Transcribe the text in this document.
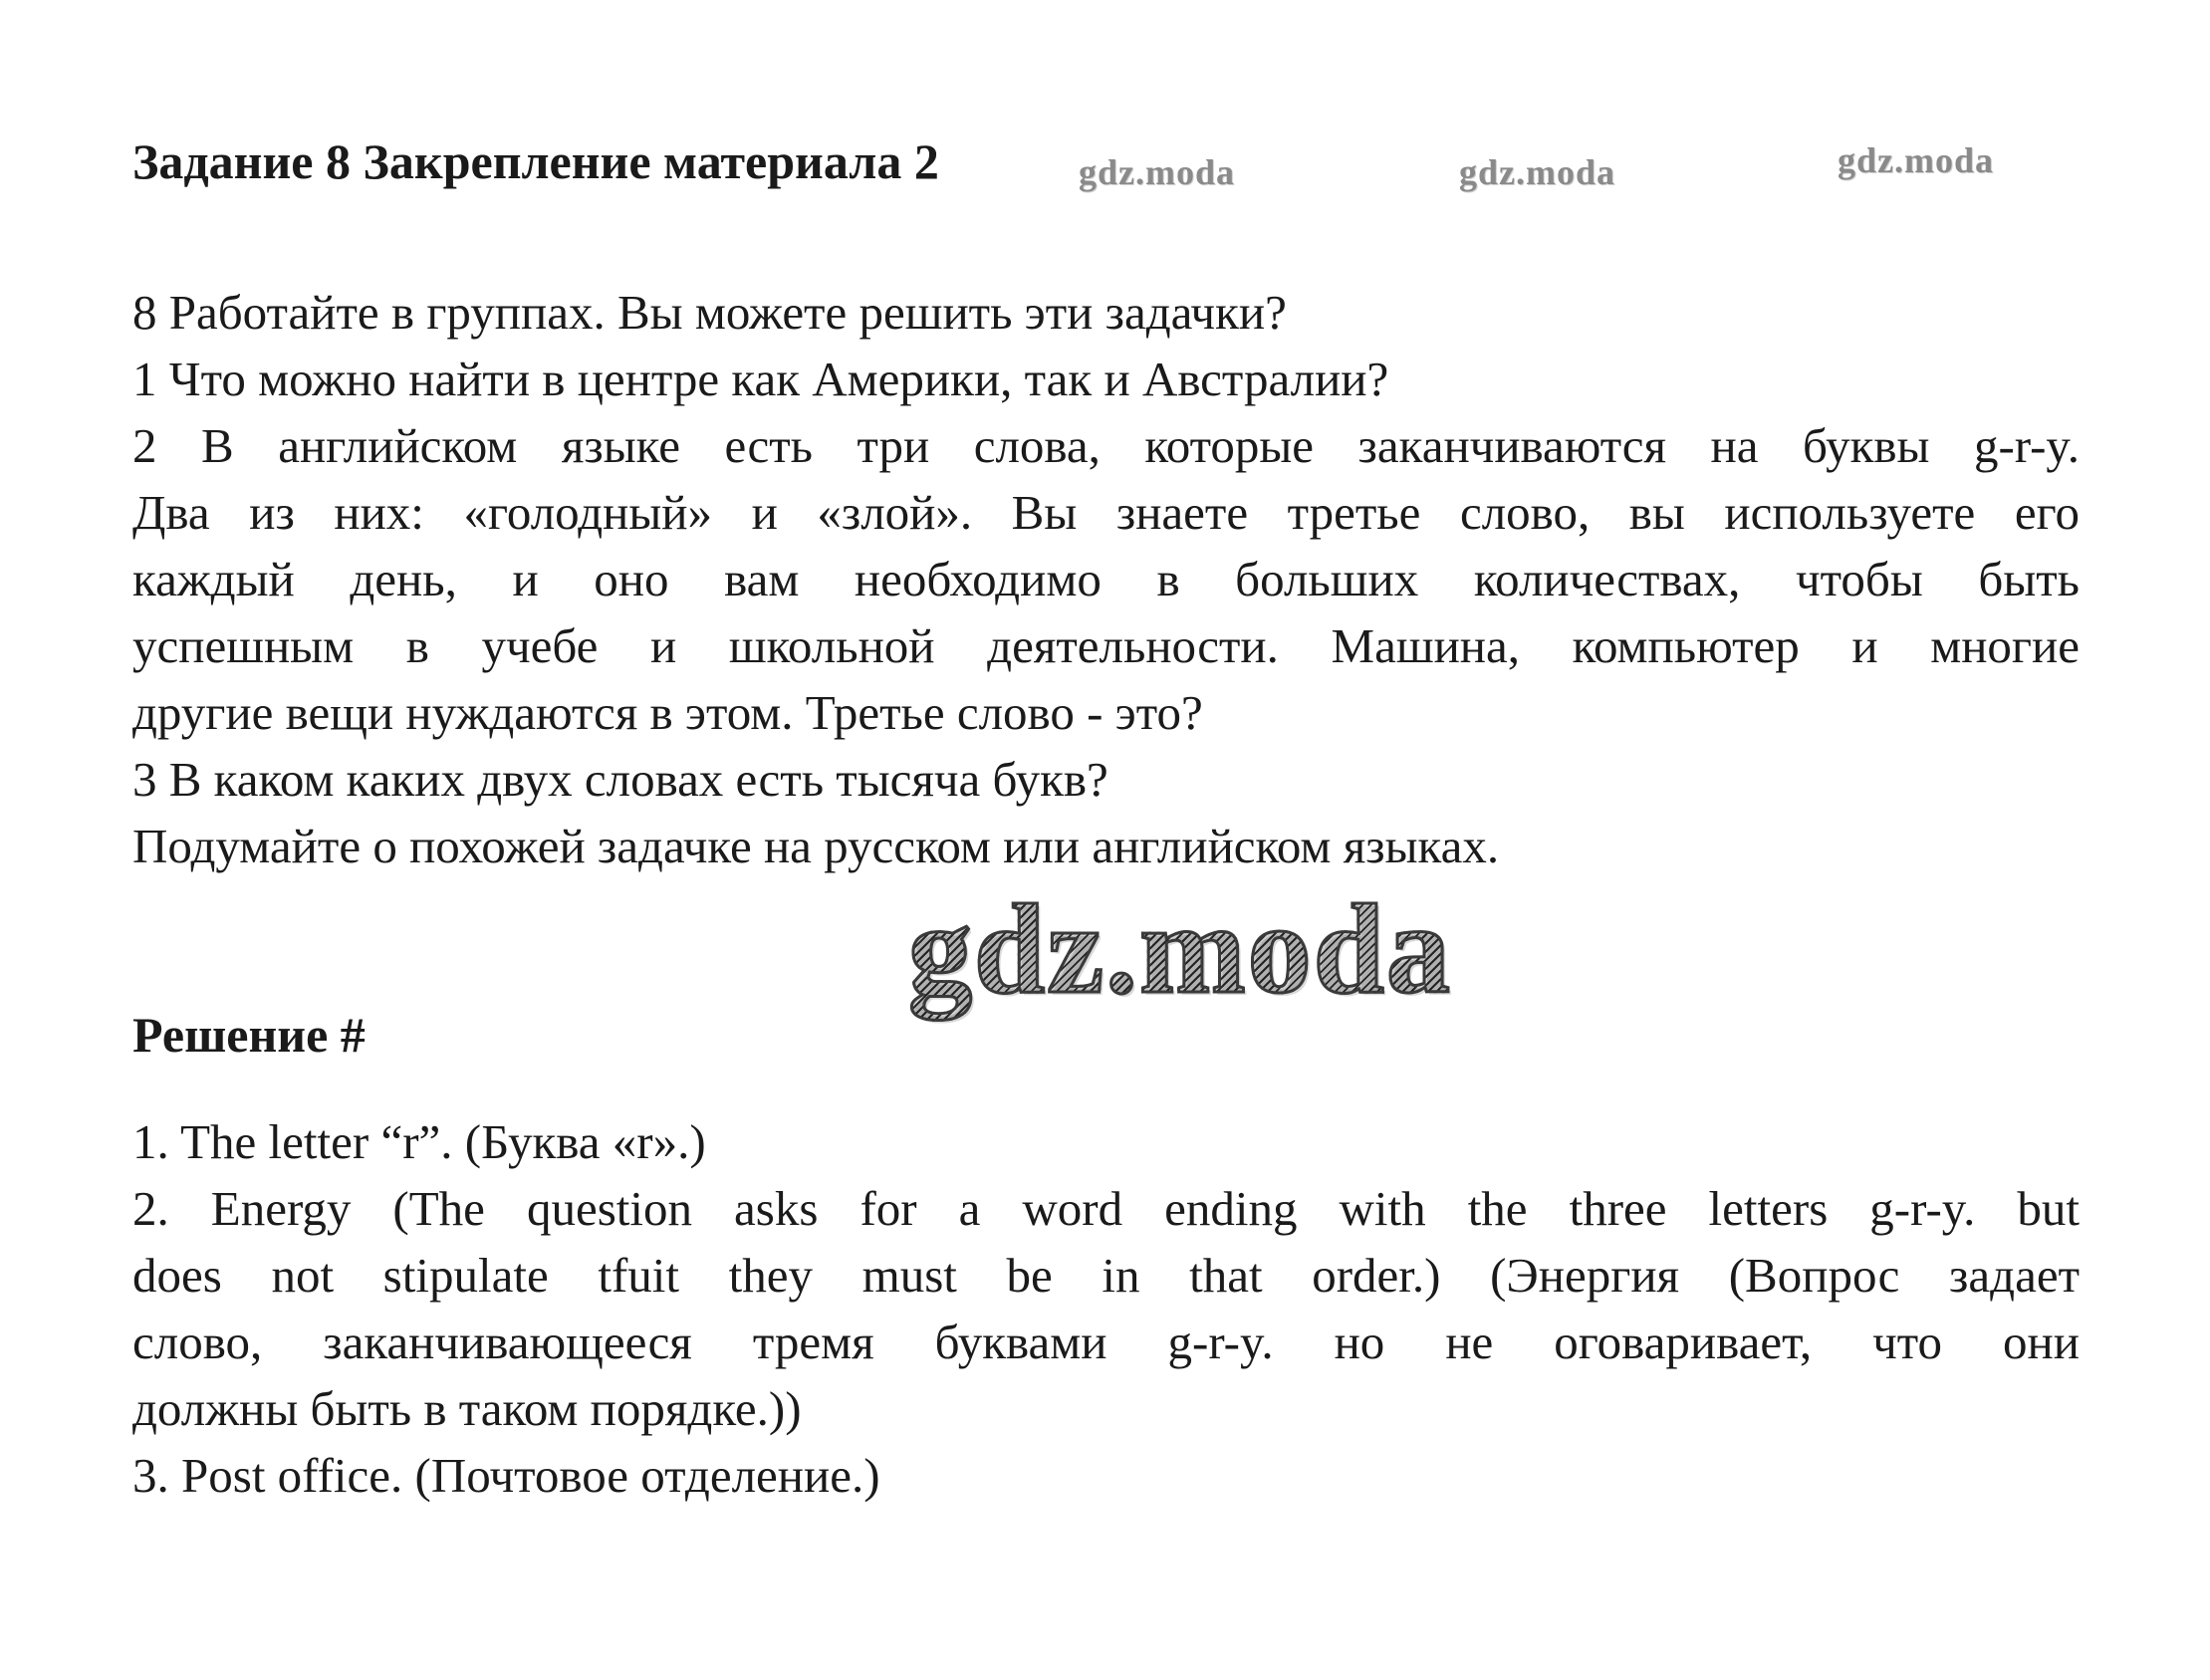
Задание 8 Закрепление материала 2	gdz.moda	gdz.moda	gdz.moda
8 Работайте в группах. Вы можете решить эти задачки?
1 Что можно найти в центре как Америки, так и Австралии?
2 В английском языке есть три слова, которые заканчиваются на буквы g-r-y.
Два из них: «голодный» и «злой». Вы знаете третье слово, вы используете его
каждый день, и оно вам необходимо в больших количествах, чтобы быть
успешным в учебе и школьной деятельности. Машина, компьютер и многие
другие вещи нуждаются в этом. Третье слово - это?
3 В каком каких двух словах есть тысяча букв?
Подумайте о похожей задачке на русском или английском языках.
gdz.moda
Решение #
1. The letter “r”. (Буква «r».)
2. Energy (The question asks for a word ending with the three letters g-r-y. but
does not stipulate tfuit they must be in that order.) (Энергия (Вопрос задает
слово, заканчивающееся тремя буквами g-r-y. но не оговаривает, что они
должны быть в таком порядке.))
3. Post office. (Почтовое отделение.)
